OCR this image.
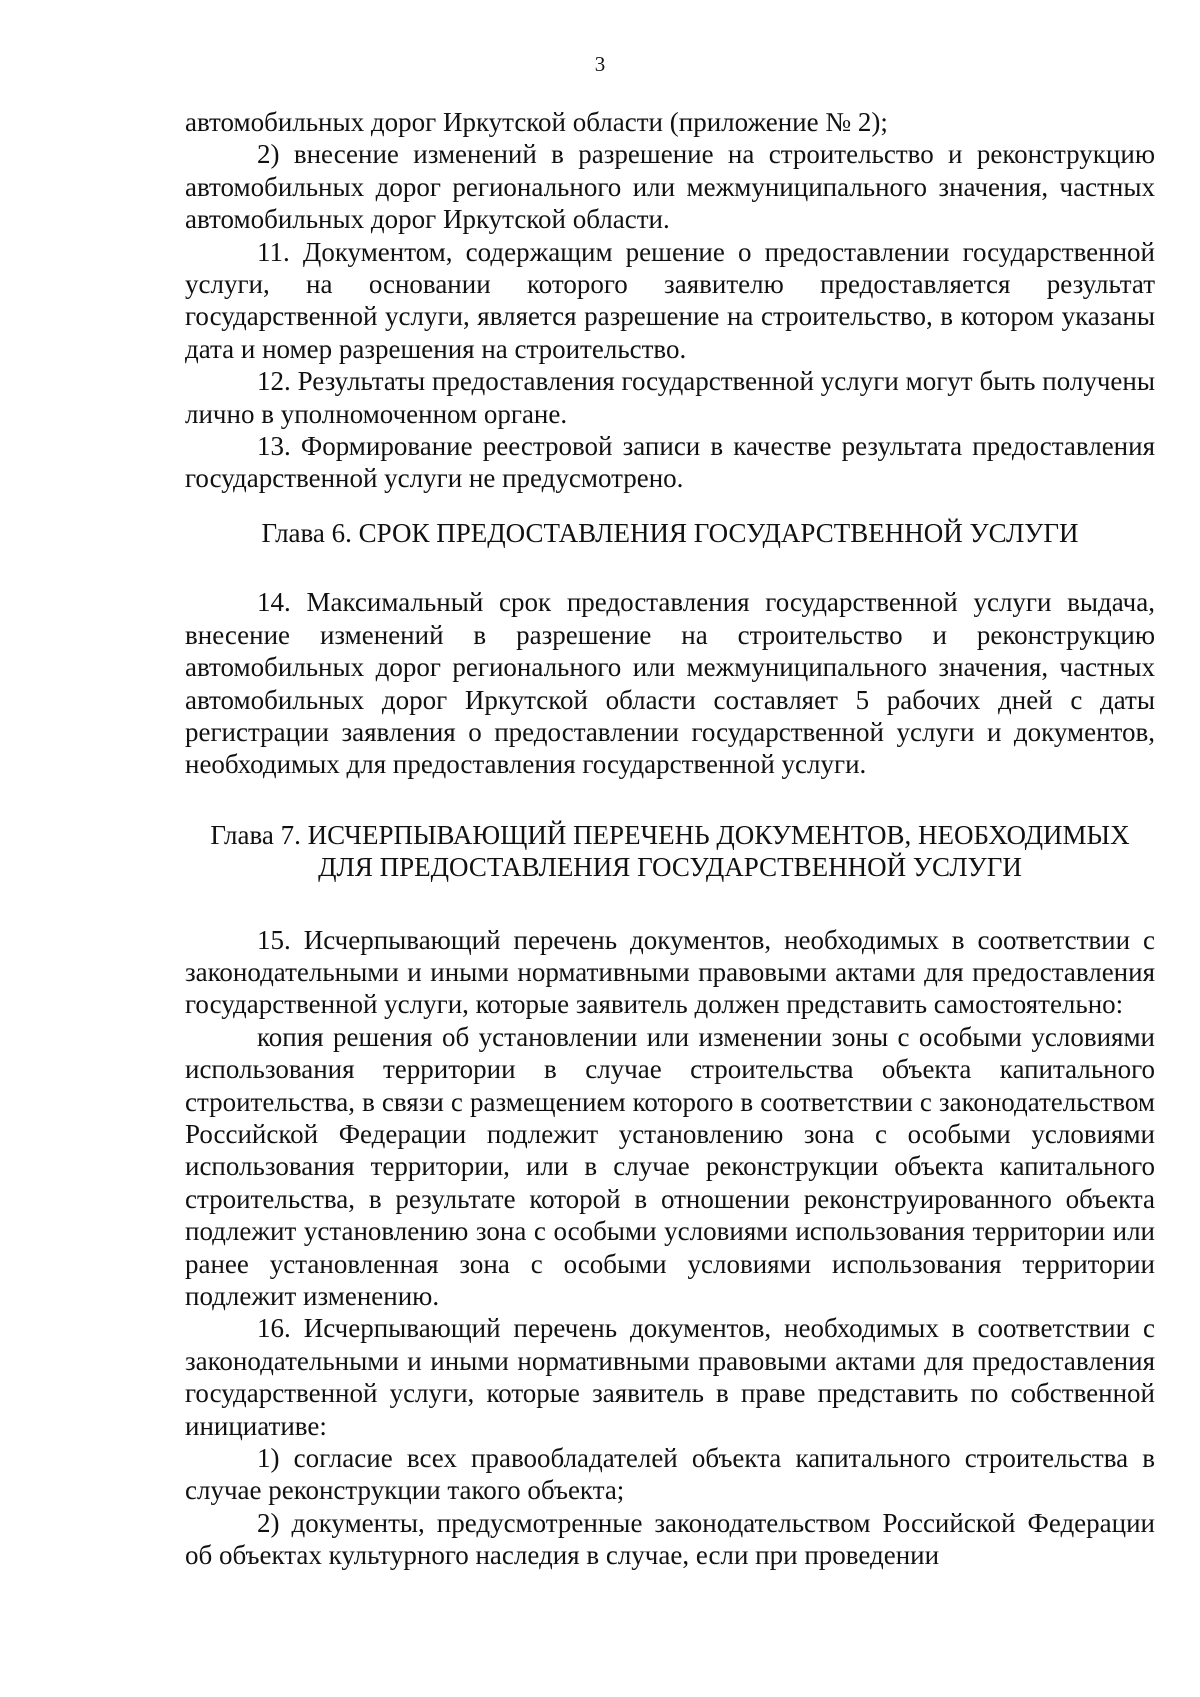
3

автомобильных дорог Иркутской области (приложение № 2);

2) внесение изменений в разрешение на строительство и реконструкцию автомобильных дорог регионального или межмуниципального значения, частных автомобильных дорог Иркутской области.

11. Документом, содержащим решение о предоставлении государственной услуги, на основании которого заявителю предоставляется результат государственной услуги, является разрешение на строительство, в котором указаны дата и номер разрешения на строительство.

12. Результаты предоставления государственной услуги могут быть получены лично в уполномоченном органе.

13. Формирование реестровой записи в качестве результата предоставления государственной услуги не предусмотрено.

Глава 6. СРОК ПРЕДОСТАВЛЕНИЯ ГОСУДАРСТВЕННОЙ УСЛУГИ

14. Максимальный срок предоставления государственной услуги выдача, внесение изменений в разрешение на строительство и реконструкцию автомобильных дорог регионального или межмуниципального значения, частных автомобильных дорог Иркутской области составляет 5 рабочих дней с даты регистрации заявления о предоставлении государственной услуги и документов, необходимых для предоставления государственной услуги.

Глава 7. ИСЧЕРПЫВАЮЩИЙ ПЕРЕЧЕНЬ ДОКУМЕНТОВ, НЕОБХОДИМЫХ
ДЛЯ ПРЕДОСТАВЛЕНИЯ ГОСУДАРСТВЕННОЙ УСЛУГИ

15. Исчерпывающий перечень документов, необходимых в соответствии с законодательными и иными нормативными правовыми актами для предоставления государственной услуги, которые заявитель должен представить самостоятельно:

копия решения об установлении или изменении зоны с особыми условиями использования территории в случае строительства объекта капитального строительства, в связи с размещением которого в соответствии с законодательством Российской Федерации подлежит установлению зона с особыми условиями использования территории, или в случае реконструкции объекта капитального строительства, в результате которой в отношении реконструированного объекта подлежит установлению зона с особыми условиями использования территории или ранее установленная зона с особыми условиями использования территории подлежит изменению.

16. Исчерпывающий перечень документов, необходимых в соответствии с законодательными и иными нормативными правовыми актами для предоставления государственной услуги, которые заявитель в праве представить по собственной инициативе:

1) согласие всех правообладателей объекта капитального строительства в случае реконструкции такого объекта;

2) документы, предусмотренные законодательством Российской Федерации об объектах культурного наследия в случае, если при проведении
